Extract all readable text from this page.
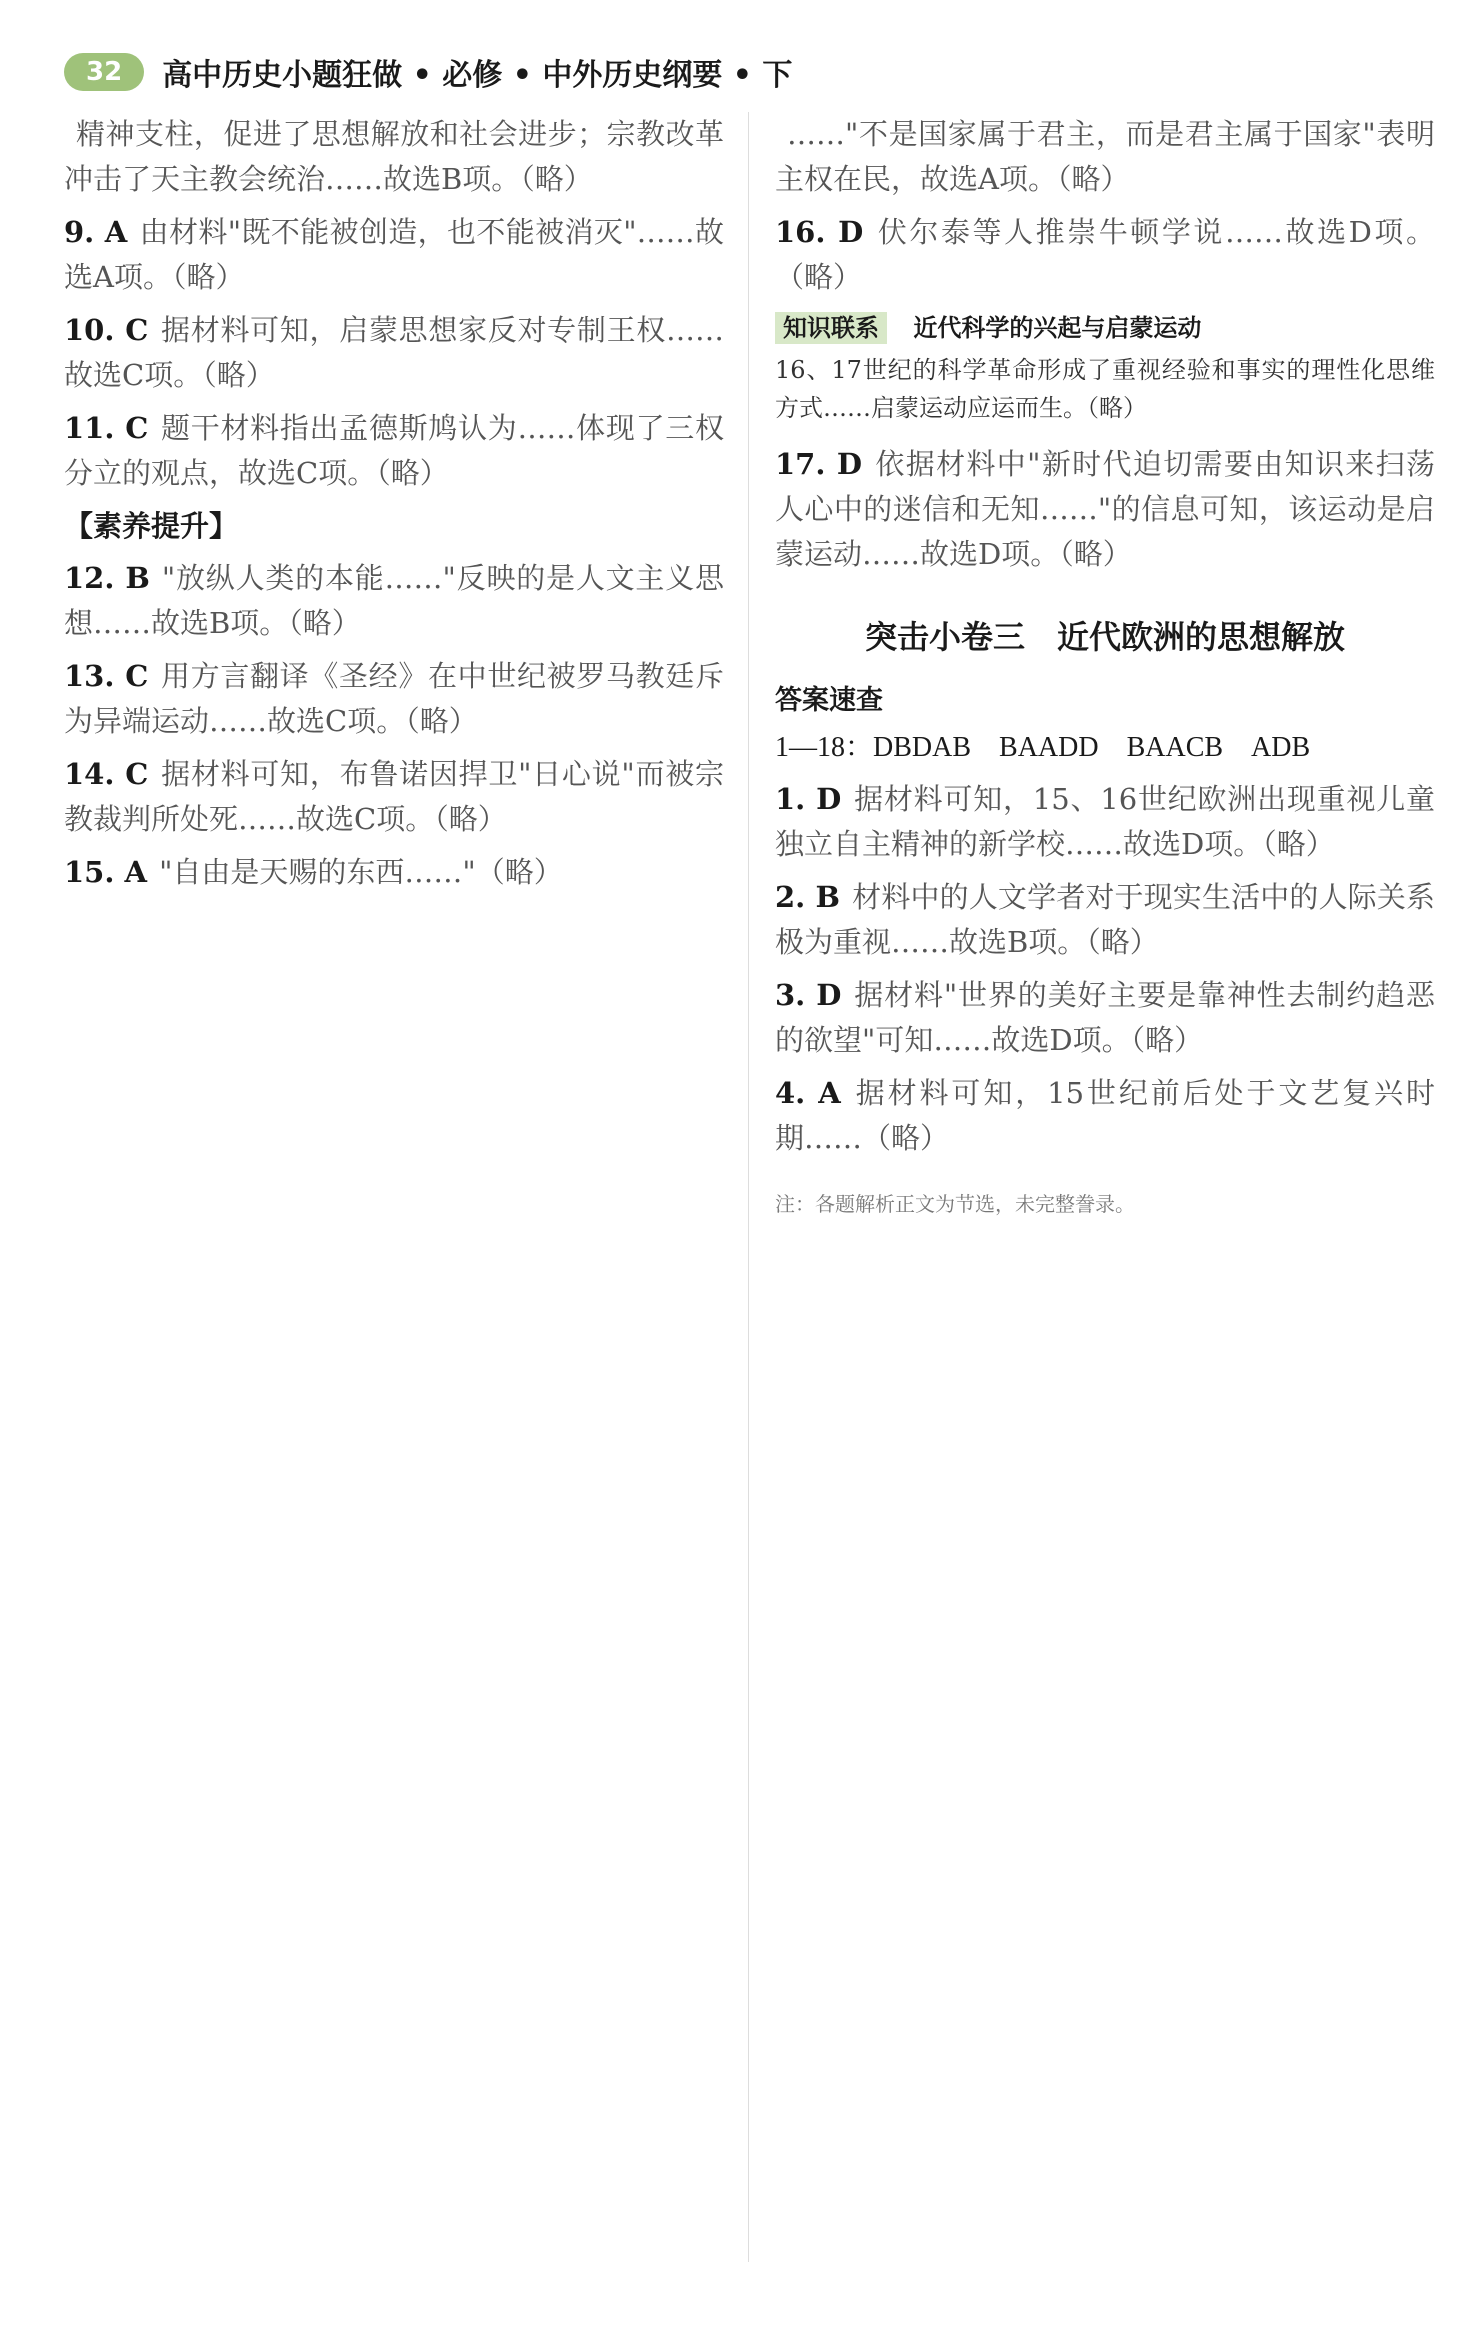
32	高中历史小题狂做 • 必修 • 中外历史纲要 • 下

精神支柱，促进了思想解放和社会进步；宗教改革冲击了天主教会统治……故选B项。（略）

9. A 由材料"既不能被创造，也不能被消灭"……故选A项。（略）

10. C 据材料可知，启蒙思想家反对专制王权……故选C项。（略）

11. C 题干材料指出孟德斯鸠认为……体现了三权分立的观点，故选C项。（略）

【素养提升】

12. B "放纵人类的本能……"反映的是人文主义思想……故选B项。（略）

13. C 用方言翻译《圣经》在中世纪被罗马教廷斥为异端运动……故选C项。（略）

14. C 据材料可知，布鲁诺因捍卫"日心说"而被宗教裁判所处死……故选C项。（略）

15. A "自由是天赐的东西……"（略）

……"不是国家属于君主，而是君主属于国家"表明主权在民，故选A项。（略）

16. D 伏尔泰等人推崇牛顿学说……故选D项。（略）

知识联系 近代科学的兴起与启蒙运动
16、17世纪的科学革命形成了重视经验和事实的理性化思维方式……启蒙运动应运而生。（略）

17. D 依据材料中"新时代迫切需要由知识来扫荡人心中的迷信和无知……"的信息可知，该运动是启蒙运动……故选D项。（略）

突击小卷三　近代欧洲的思想解放
答案速查
1—18：DBDAB　BAADD　BAACB　ADB

1. D 据材料可知，15、16世纪欧洲出现重视儿童独立自主精神的新学校……故选D项。（略）

2. B 材料中的人文学者对于现实生活中的人际关系极为重视……故选B项。（略）

3. D 据材料"世界的美好主要是靠神性去制约趋恶的欲望"可知……故选D项。（略）

4. A 据材料可知，15世纪前后处于文艺复兴时期……（略）

注：各题解析正文为节选，未完整誊录。
